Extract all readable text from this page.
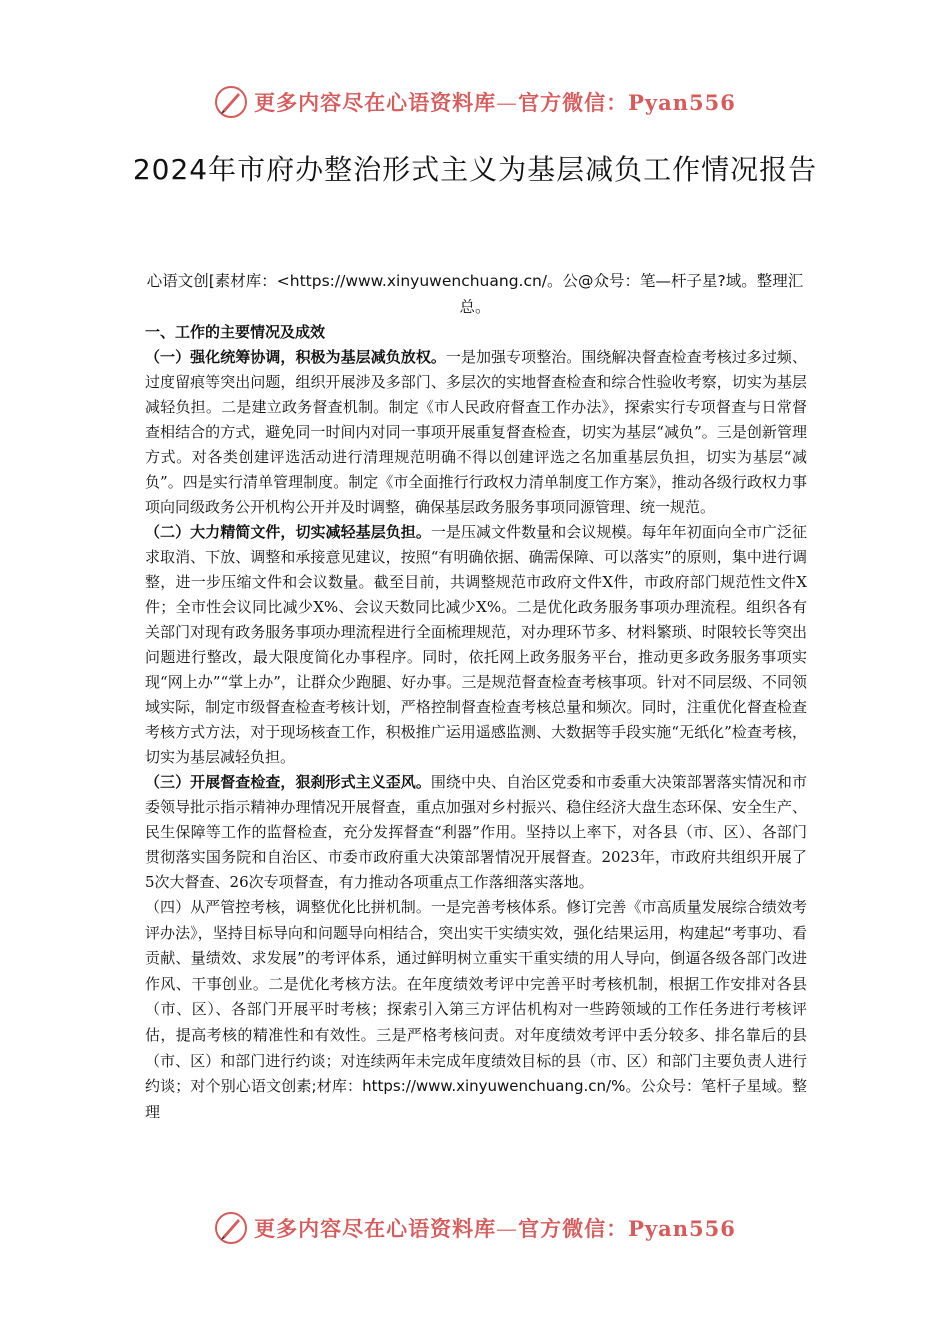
更多内容尽在心语资料库—官方微信：Pyan556
2024年市府办整治形式主义为基层减负工作情况报告
心语文创[素材库：<https://www.xinyuwenchuang.cn/。公@众号：笔—杆子星?域。整理汇总。

一、工作的主要情况及成效

（一）强化统筹协调，积极为基层减负放权。一是加强专项整治。围绕解决督查检查考核过多过频、过度留痕等突出问题，组织开展涉及多部门、多层次的实地督查检查和综合性验收考察，切实为基层减轻负担。二是建立政务督查机制。制定《市人民政府督查工作办法》，探索实行专项督查与日常督查相结合的方式，避免同一时间内对同一事项开展重复督查检查，切实为基层“减负”。三是创新管理方式。对各类创建评选活动进行清理规范明确不得以创建评选之名加重基层负担，切实为基层“减负”。四是实行清单管理制度。制定《市全面推行行政权力清单制度工作方案》，推动各级行政权力事项向同级政务公开机构公开并及时调整，确保基层政务服务事项同源管理、统一规范。

（二）大力精简文件，切实减轻基层负担。一是压减文件数量和会议规模。每年年初面向全市广泛征求取消、下放、调整和承接意见建议，按照“有明确依据、确需保障、可以落实”的原则，集中进行调整，进一步压缩文件和会议数量。截至目前，共调整规范市政府文件X件，市政府部门规范性文件X件；全市性会议同比减少X%、会议天数同比减少X%。二是优化政务服务事项办理流程。组织各有关部门对现有政务服务事项办理流程进行全面梳理规范，对办理环节多、材料繁琐、时限较长等突出问题进行整改，最大限度简化办事程序。同时，依托网上政务服务平台，推动更多政务服务事项实现“网上办”“掌上办”，让群众少跑腿、好办事。三是规范督查检查考核事项。针对不同层级、不同领域实际，制定市级督查检查考核计划，严格控制督查检查考核总量和频次。同时，注重优化督查检查考核方式方法，对于现场核查工作，积极推广运用遥感监测、大数据等手段实施“无纸化”检查考核，切实为基层减轻负担。

（三）开展督查检查，狠刹形式主义歪风。围绕中央、自治区党委和市委重大决策部署落实情况和市委领导批示指示精神办理情况开展督查，重点加强对乡村振兴、稳住经济大盘生态环保、安全生产、民生保障等工作的监督检查，充分发挥督查“利器”作用。坚持以上率下，对各县（市、区）、各部门贯彻落实国务院和自治区、市委市政府重大决策部署情况开展督查。2023年，市政府共组织开展了5次大督查、26次专项督查，有力推动各项重点工作落细落实落地。

（四）从严管控考核，调整优化比拼机制。一是完善考核体系。修订完善《市高质量发展综合绩效考评办法》，坚持目标导向和问题导向相结合，突出实干实绩实效，强化结果运用，构建起“考事功、看贡献、量绩效、求发展”的考评体系，通过鲜明树立重实干重实绩的用人导向，倒逼各级各部门改进作风、干事创业。二是优化考核方法。在年度绩效考评中完善平时考核机制，根据工作安排对各县（市、区）、各部门开展平时考核；探索引入第三方评估机构对一些跨领域的工作任务进行考核评估，提高考核的精准性和有效性。三是严格考核问责。对年度绩效考评中丢分较多、排名靠后的县（市、区）和部门进行约谈；对连续两年未完成年度绩效目标的县（市、区）和部门主要负责人进行约谈；对个别心语文创素;材库：https://www.xinyuwenchuang.cn/%。公众号：笔杆子星域。整理

更多内容尽在心语资料库—官方微信：Pyan556
